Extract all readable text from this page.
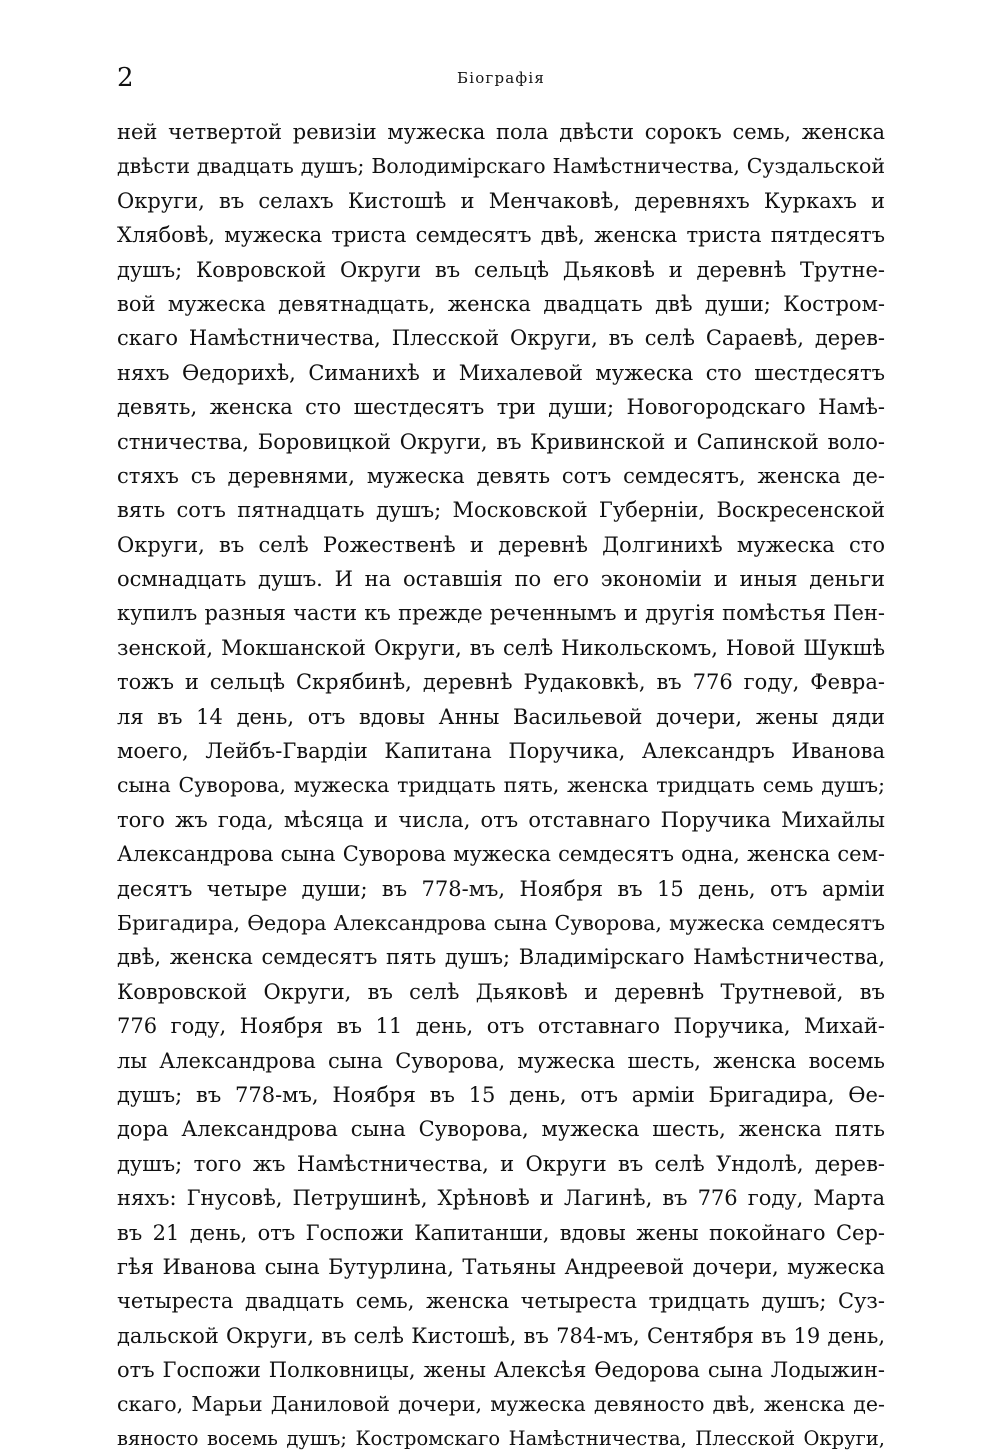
2	Біографія
ней четвертой ревизіи мужеска пола двѣсти сорокъ семь, женска
двѣсти двадцать душъ; Володимірскаго Намѣстничества, Суздальской
Округи, въ селахъ Кистошѣ и Менчаковѣ, деревняхъ Куркахъ и
Хлябовѣ, мужеска триста семдесятъ двѣ, женска триста пятдесятъ
душъ; Ковровской Округи въ сельцѣ Дьяковѣ и деревнѣ Трутне-
вой мужеска девятнадцать, женска двадцать двѣ души; Костром-
скаго Намѣстничества, Плесской Округи, въ селѣ Сараевѣ, дерев-
няхъ Ѳедорихѣ, Симанихѣ и Михалевой мужеска сто шестдесятъ
девять, женска сто шестдесятъ три души; Новогородскаго Намѣ-
стничества, Боровицкой Округи, въ Кривинской и Сапинской воло-
стяхъ съ деревнями, мужеска девять сотъ семдесятъ, женска де-
вять сотъ пятнадцать душъ; Московской Губерніи, Воскресенской
Округи, въ селѣ Рожественѣ и деревнѣ Долгинихѣ мужеска сто
осмнадцать душъ. И на оставшія по его экономіи и иныя деньги
купилъ разныя части къ прежде реченнымъ и другія помѣстья Пен-
зенской, Мокшанской Округи, въ селѣ Никольскомъ, Новой Шукшѣ
тожъ и сельцѣ Скрябинѣ, деревнѣ Рудаковкѣ, въ 776 году, Февра-
ля въ 14 день, отъ вдовы Анны Васильевой дочери, жены дяди
моего, Лейбъ-Гвардіи Капитана Поручика, Александръ Иванова
сына Суворова, мужеска тридцать пять, женска тридцать семь душъ;
того жъ года, мѣсяца и числа, отъ отставнаго Поручика Михайлы
Александрова сына Суворова мужеска семдесятъ одна, женска сем-
десятъ четыре души; въ 778-мъ, Ноября въ 15 день, отъ арміи
Бригадира, Ѳедора Александрова сына Суворова, мужеска семдесятъ
двѣ, женска семдесятъ пять душъ; Владимірскаго Намѣстничества,
Ковровской Округи, въ селѣ Дьяковѣ и деревнѣ Трутневой, въ
776 году, Ноября въ 11 день, отъ отставнаго Поручика, Михай-
лы Александрова сына Суворова, мужеска шесть, женска восемь
душъ; въ 778-мъ, Ноября въ 15 день, отъ арміи Бригадира, Ѳе-
дора Александрова сына Суворова, мужеска шесть, женска пять
душъ; того жъ Намѣстничества, и Округи въ селѣ Ундолѣ, дерев-
няхъ: Гнусовѣ, Петрушинѣ, Хрѣновѣ и Лагинѣ, въ 776 году, Марта
въ 21 день, отъ Госпожи Капитанши, вдовы жены покойнаго Сер-
гѣя Иванова сына Бутурлина, Татьяны Андреевой дочери, мужеска
четыреста двадцать семь, женска четыреста тридцать душъ; Суз-
дальской Округи, въ селѣ Кистошѣ, въ 784-мъ, Сентября въ 19 день,
отъ Госпожи Полковницы, жены Алексѣя Ѳедорова сына Лодыжин-
скаго, Марьи Даниловой дочери, мужеска девяносто двѣ, женска де-
вяносто восемь душъ; Костромскаго Намѣстничества, Плесской Округи,
